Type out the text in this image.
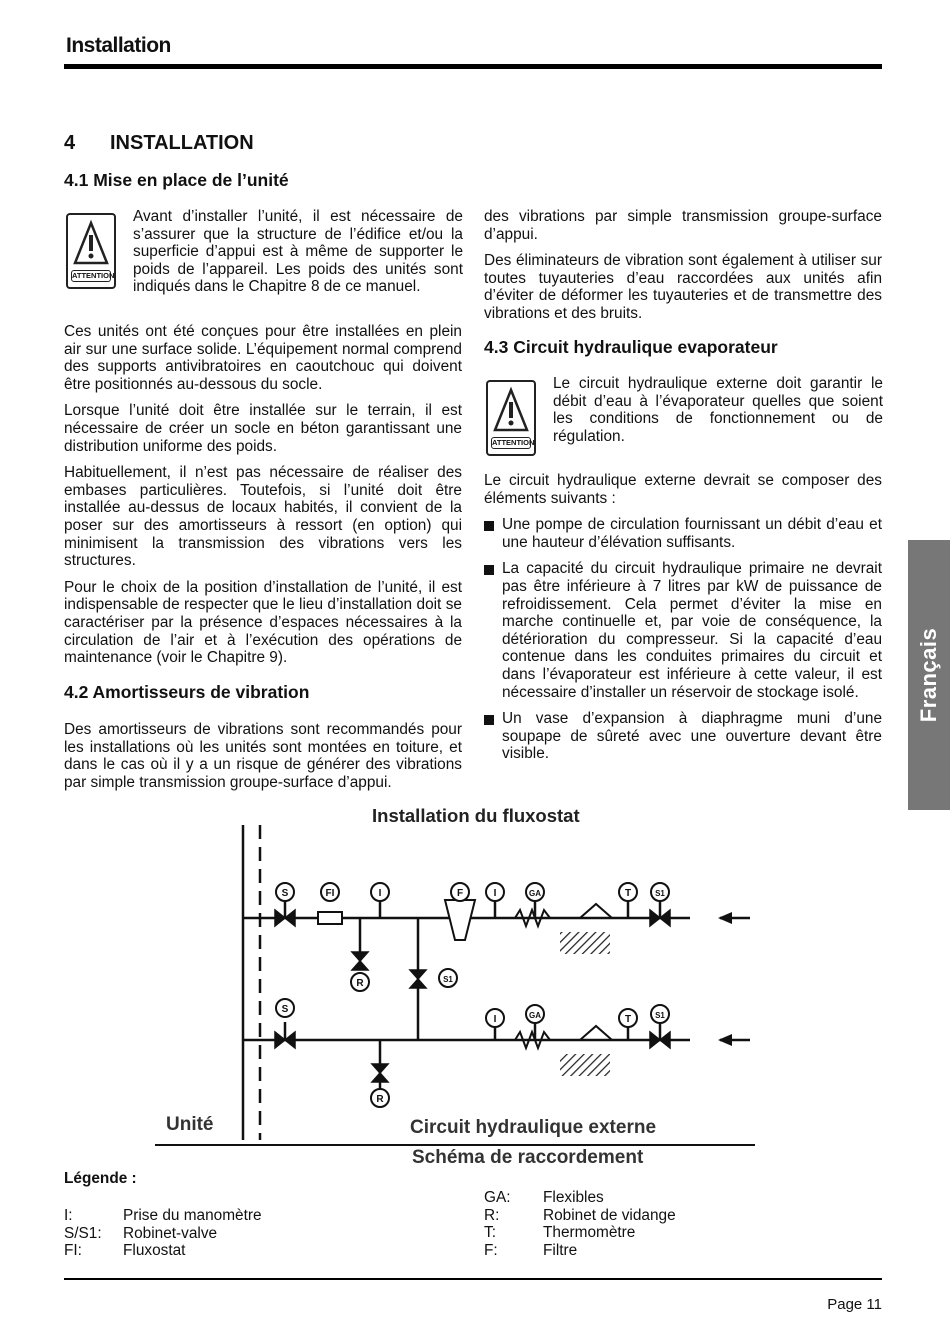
Installation
Français
4 INSTALLATION
4.1 Mise en place de l’unité
ATTENTION

Avant d’installer l’unité, il est nécessaire de s’assurer que la structure de l’édifice et/ou la superficie d’appui est à même de supporter le poids de l’appareil. Les poids des unités sont indiqués dans le Chapitre 8 de ce manuel.

Ces unités ont été conçues pour être installées en plein air sur une surface solide. L’équipement normal comprend des supports antivibratoires en caoutchouc qui doivent être positionnés au-dessous du socle.

Lorsque l’unité doit être installée sur le terrain, il est nécessaire de créer un socle en béton garantissant une distribution uniforme des poids.

Habituellement, il n’est pas nécessaire de réaliser des embases particulières. Toutefois, si l’unité doit être installée au-dessus de locaux habités, il convient de la poser sur des amortisseurs à ressort (en option) qui minimisent la transmission des vibrations vers les structures.

Pour le choix de la position d’installation de l’unité, il est indispensable de respecter que le lieu d’installation doit se caractériser par la présence d’espaces nécessaires à la circulation de l’air et à l’exécution des opérations de maintenance (voir le Chapitre 9).

4.2 Amortisseurs de vibration

Des amortisseurs de vibrations sont recommandés pour les installations où les unités sont montées en toiture, et dans le cas où il y a un risque de générer des vibrations par simple transmission groupe-surface d’appui.

des vibrations par simple transmission groupe-surface d’appui.

Des éliminateurs de vibration sont également à utiliser sur toutes tuyauteries d’eau raccordées aux unités afin d’éviter de déformer les tuyauteries et de transmettre des vibrations et des bruits.

4.3 Circuit hydraulique evaporateur
ATTENTION

Le circuit hydraulique externe doit garantir le débit d’eau à l’évaporateur quelles que soient les conditions de fonctionnement ou de régulation.

Le circuit hydraulique externe devrait se composer des éléments suivants :

Une pompe de circulation fournissant un débit d’eau et une hauteur d’élévation suffisants.
La capacité du circuit hydraulique primaire ne devrait pas être inférieure à 7 litres par kW de puissance de refroidissement. Cela permet d’éviter la mise en marche continuelle et, par voie de conséquence, la détérioration du compresseur. Si la capacité d’eau contenue dans les conduites primaires du circuit et dans l’évaporateur est inférieure à cette valeur, il est nécessaire d’installer un réservoir de stockage isolé.
Un vase d’expansion à diaphragme muni d’une soupape de sûreté avec une ouverture devant être visible.
Installation du fluxostat
S	FI	I	F	I	GA	T	S1
R	S1
S
I	GA	T	S1
R
Unité	Circuit hydraulique externe
Schéma de raccordement
Légende :
I:	Prise du manomètre
S/S1:	Robinet-valve
FI:	Fluxostat
GA:	Flexibles
R:	Robinet de vidange
T:	Thermomètre
F:	Filtre
Page 11
